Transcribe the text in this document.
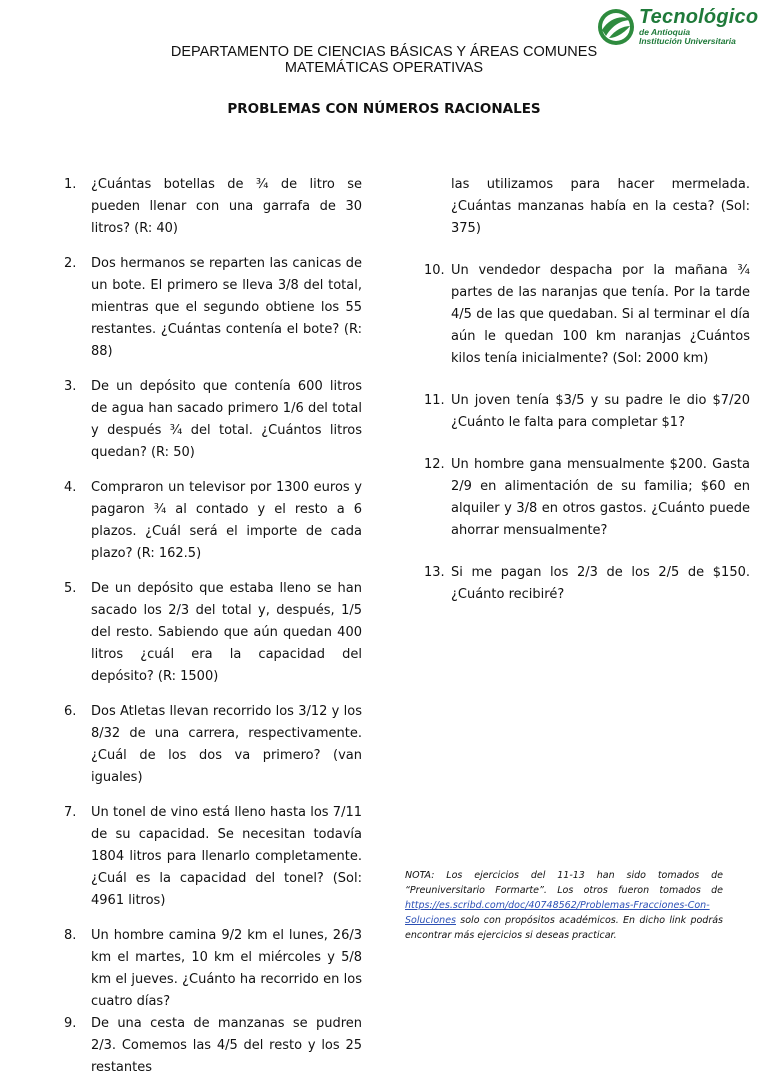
Tecnológico
de Antioquia
Institución Universitaria
DEPARTAMENTO DE CIENCIAS BÁSICAS Y ÁREAS COMUNES
MATEMÁTICAS OPERATIVAS
PROBLEMAS CON NÚMEROS RACIONALES
1.	¿Cuántas botellas de ¾ de litro se pueden llenar con una garrafa de 30 litros? (R: 40)
2.	Dos hermanos se reparten las canicas de un bote. El primero se lleva 3/8 del total, mientras que el segundo obtiene los 55 restantes. ¿Cuántas contenía el bote? (R: 88)
3.	De un depósito que contenía 600 litros de agua han sacado primero 1/6 del total y después ¾ del total. ¿Cuántos litros quedan? (R: 50)
4.	Compraron un televisor por 1300 euros y pagaron ¾ al contado y el resto a 6 plazos. ¿Cuál será el importe de cada plazo? (R: 162.5)
5.	De un depósito que estaba lleno se han sacado los 2/3 del total y, después, 1/5 del resto. Sabiendo que aún quedan 400 litros ¿cuál era la capacidad del depósito? (R: 1500)
6.	Dos Atletas llevan recorrido los 3/12 y los 8/32 de una carrera, respectivamente. ¿Cuál de los dos va primero? (van iguales)
7.	Un tonel de vino está lleno hasta los 7/11 de su capacidad. Se necesitan todavía 1804 litros para llenarlo completamente. ¿Cuál es la capacidad del tonel? (Sol: 4961 litros)
8.	Un hombre camina 9/2 km el lunes, 26/3 km el martes, 10 km el miércoles y 5/8 km el jueves. ¿Cuánto ha recorrido en los cuatro días?
9.	De una cesta de manzanas se pudren 2/3. Comemos las 4/5 del resto y los 25 restantes
las utilizamos para hacer mermelada. ¿Cuántas manzanas había en la cesta? (Sol: 375)
10. Un vendedor despacha por la mañana ¾ partes de las naranjas que tenía. Por la tarde 4/5 de las que quedaban. Si al terminar el día aún le quedan 100 km naranjas ¿Cuántos kilos tenía inicialmente? (Sol: 2000 km)
11. Un joven tenía $3/5 y su padre le dio $7/20 ¿Cuánto le falta para completar $1?
12. Un hombre gana mensualmente $200. Gasta 2/9 en alimentación de su familia; $60 en alquiler y 3/8 en otros gastos. ¿Cuánto puede ahorrar mensualmente?
13. Si me pagan los 2/3 de los 2/5 de $150. ¿Cuánto recibiré?
NOTA: Los ejercicios del 11-13 han sido tomados de “Preuniversitario Formarte”. Los otros fueron tomados de https://es.scribd.com/doc/40748562/Problemas-Fracciones-Con-Soluciones solo con propósitos académicos. En dicho link podrás encontrar más ejercicios si deseas practicar.
